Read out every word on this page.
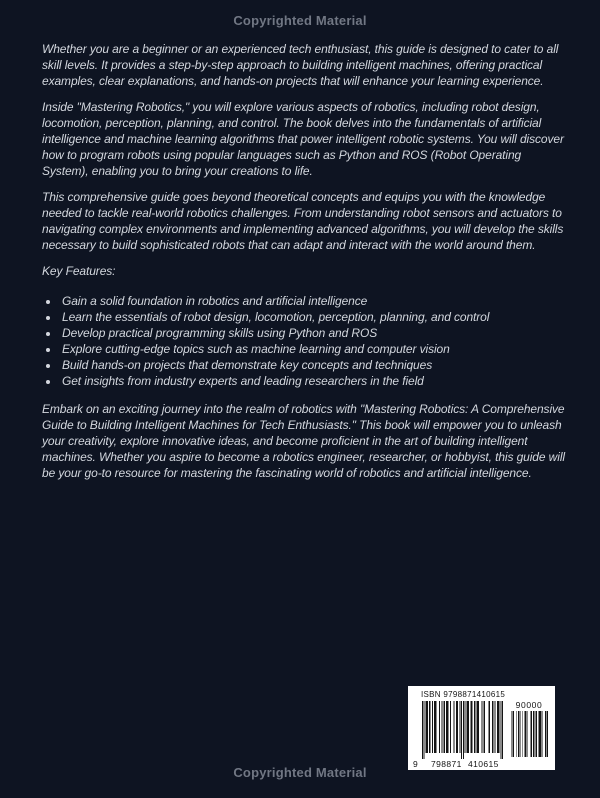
Copyrighted Material

Whether you are a beginner or an experienced tech enthusiast, this guide is designed to cater to all skill levels. It provides a step-by-step approach to building intelligent machines, offering practical examples, clear explanations, and hands-on projects that will enhance your learning experience.

Inside "Mastering Robotics," you will explore various aspects of robotics, including robot design, locomotion, perception, planning, and control. The book delves into the fundamentals of artificial intelligence and machine learning algorithms that power intelligent robotic systems. You will discover how to program robots using popular languages such as Python and ROS (Robot Operating System), enabling you to bring your creations to life.

This comprehensive guide goes beyond theoretical concepts and equips you with the knowledge needed to tackle real-world robotics challenges. From understanding robot sensors and actuators to navigating complex environments and implementing advanced algorithms, you will develop the skills necessary to build sophisticated robots that can adapt and interact with the world around them.

Key Features:

• Gain a solid foundation in robotics and artificial intelligence
• Learn the essentials of robot design, locomotion, perception, planning, and control
• Develop practical programming skills using Python and ROS
• Explore cutting-edge topics such as machine learning and computer vision
• Build hands-on projects that demonstrate key concepts and techniques
• Get insights from industry experts and leading researchers in the field

Embark on an exciting journey into the realm of robotics with "Mastering Robotics: A Comprehensive Guide to Building Intelligent Machines for Tech Enthusiasts." This book will empower you to unleash your creativity, explore innovative ideas, and become proficient in the art of building intelligent machines. Whether you aspire to become a robotics engineer, researcher, or hobbyist, this guide will be your go-to resource for mastering the fascinating world of robotics and artificial intelligence.

ISBN 9798871410615
9 798871 410615
90000
Copyrighted Material
